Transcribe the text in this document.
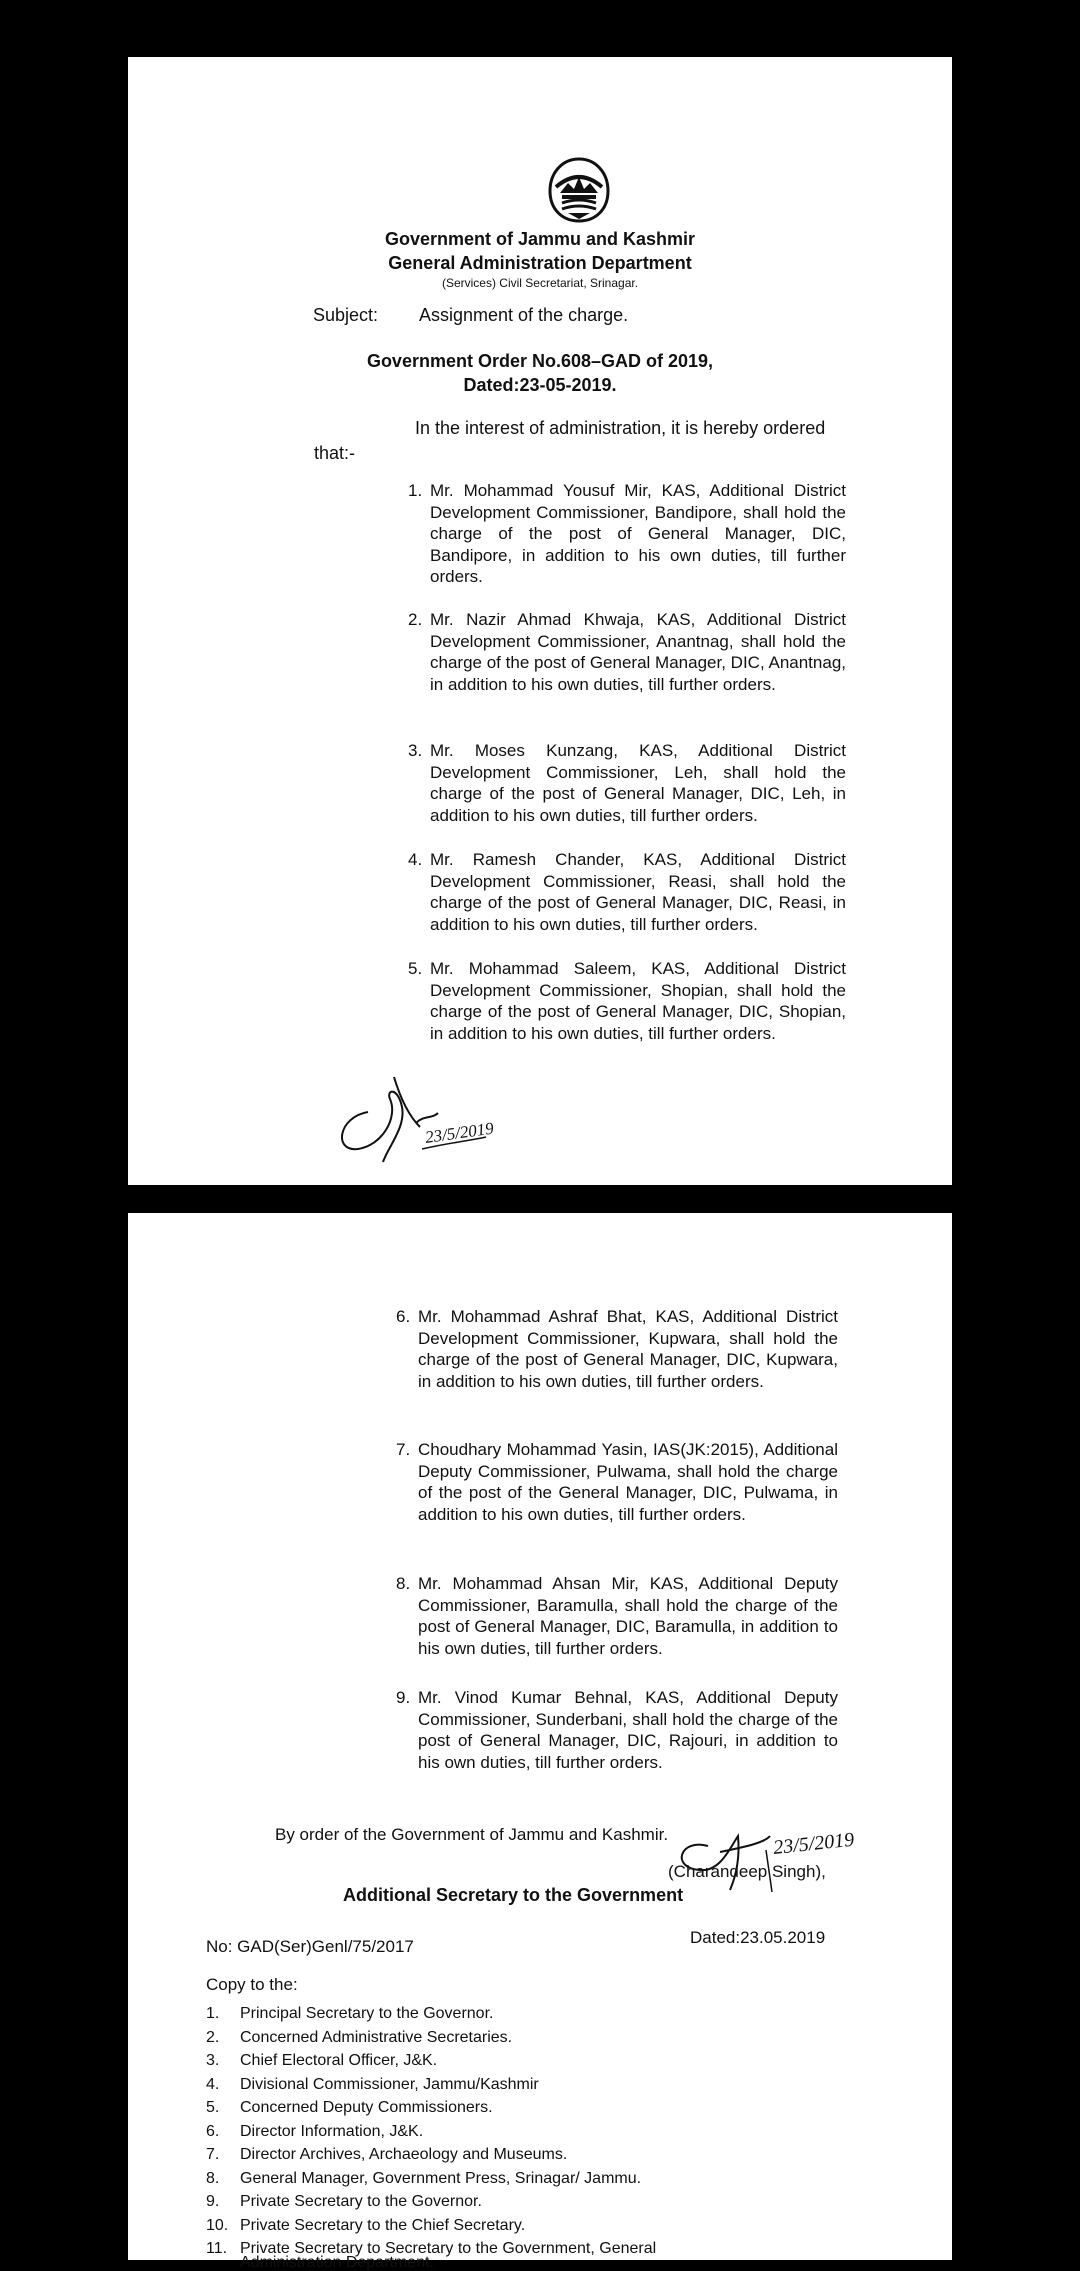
Government of Jammu and Kashmir
General Administration Department
(Services) Civil Secretariat, Srinagar.
Subject: Assignment of the charge.
Government Order No.608–GAD of 2019,
Dated:23-05-2019.
In the interest of administration, it is hereby ordered
that:-
1. Mr. Mohammad Yousuf Mir, KAS, Additional District Development Commissioner, Bandipore, shall hold the charge of the post of General Manager, DIC, Bandipore, in addition to his own duties, till further orders.
2. Mr. Nazir Ahmad Khwaja, KAS, Additional District Development Commissioner, Anantnag, shall hold the charge of the post of General Manager, DIC, Anantnag, in addition to his own duties, till further orders.
3. Mr. Moses Kunzang, KAS, Additional District Development Commissioner, Leh, shall hold the charge of the post of General Manager, DIC, Leh, in addition to his own duties, till further orders.
4. Mr. Ramesh Chander, KAS, Additional District Development Commissioner, Reasi, shall hold the charge of the post of General Manager, DIC, Reasi, in addition to his own duties, till further orders.
5. Mr. Mohammad Saleem, KAS, Additional District Development Commissioner, Shopian, shall hold the charge of the post of General Manager, DIC, Shopian, in addition to his own duties, till further orders.
23/5/2019
6. Mr. Mohammad Ashraf Bhat, KAS, Additional District Development Commissioner, Kupwara, shall hold the charge of the post of General Manager, DIC, Kupwara, in addition to his own duties, till further orders.
7. Choudhary Mohammad Yasin, IAS(JK:2015), Additional Deputy Commissioner, Pulwama, shall hold the charge of the post of the General Manager, DIC, Pulwama, in addition to his own duties, till further orders.
8. Mr. Mohammad Ahsan Mir, KAS, Additional Deputy Commissioner, Baramulla, shall hold the charge of the post of General Manager, DIC, Baramulla, in addition to his own duties, till further orders.
9. Mr. Vinod Kumar Behnal, KAS, Additional Deputy Commissioner, Sunderbani, shall hold the charge of the post of General Manager, DIC, Rajouri, in addition to his own duties, till further orders.
By order of the Government of Jammu and Kashmir.	23/5/2019
(Charandeep Singh),
Additional Secretary to the Government
No: GAD(Ser)Genl/75/2017	Dated:23.05.2019
Copy to the:
1. Principal Secretary to the Governor.
2. Concerned Administrative Secretaries.
3. Chief Electoral Officer, J&K.
4. Divisional Commissioner, Jammu/Kashmir
5. Concerned Deputy Commissioners.
6. Director Information, J&K.
7. Director Archives, Archaeology and Museums.
8. General Manager, Government Press, Srinagar/ Jammu.
9. Private Secretary to the Governor.
10. Private Secretary to the Chief Secretary.
11. Private Secretary to Secretary to the Government, General
Administration Department.
